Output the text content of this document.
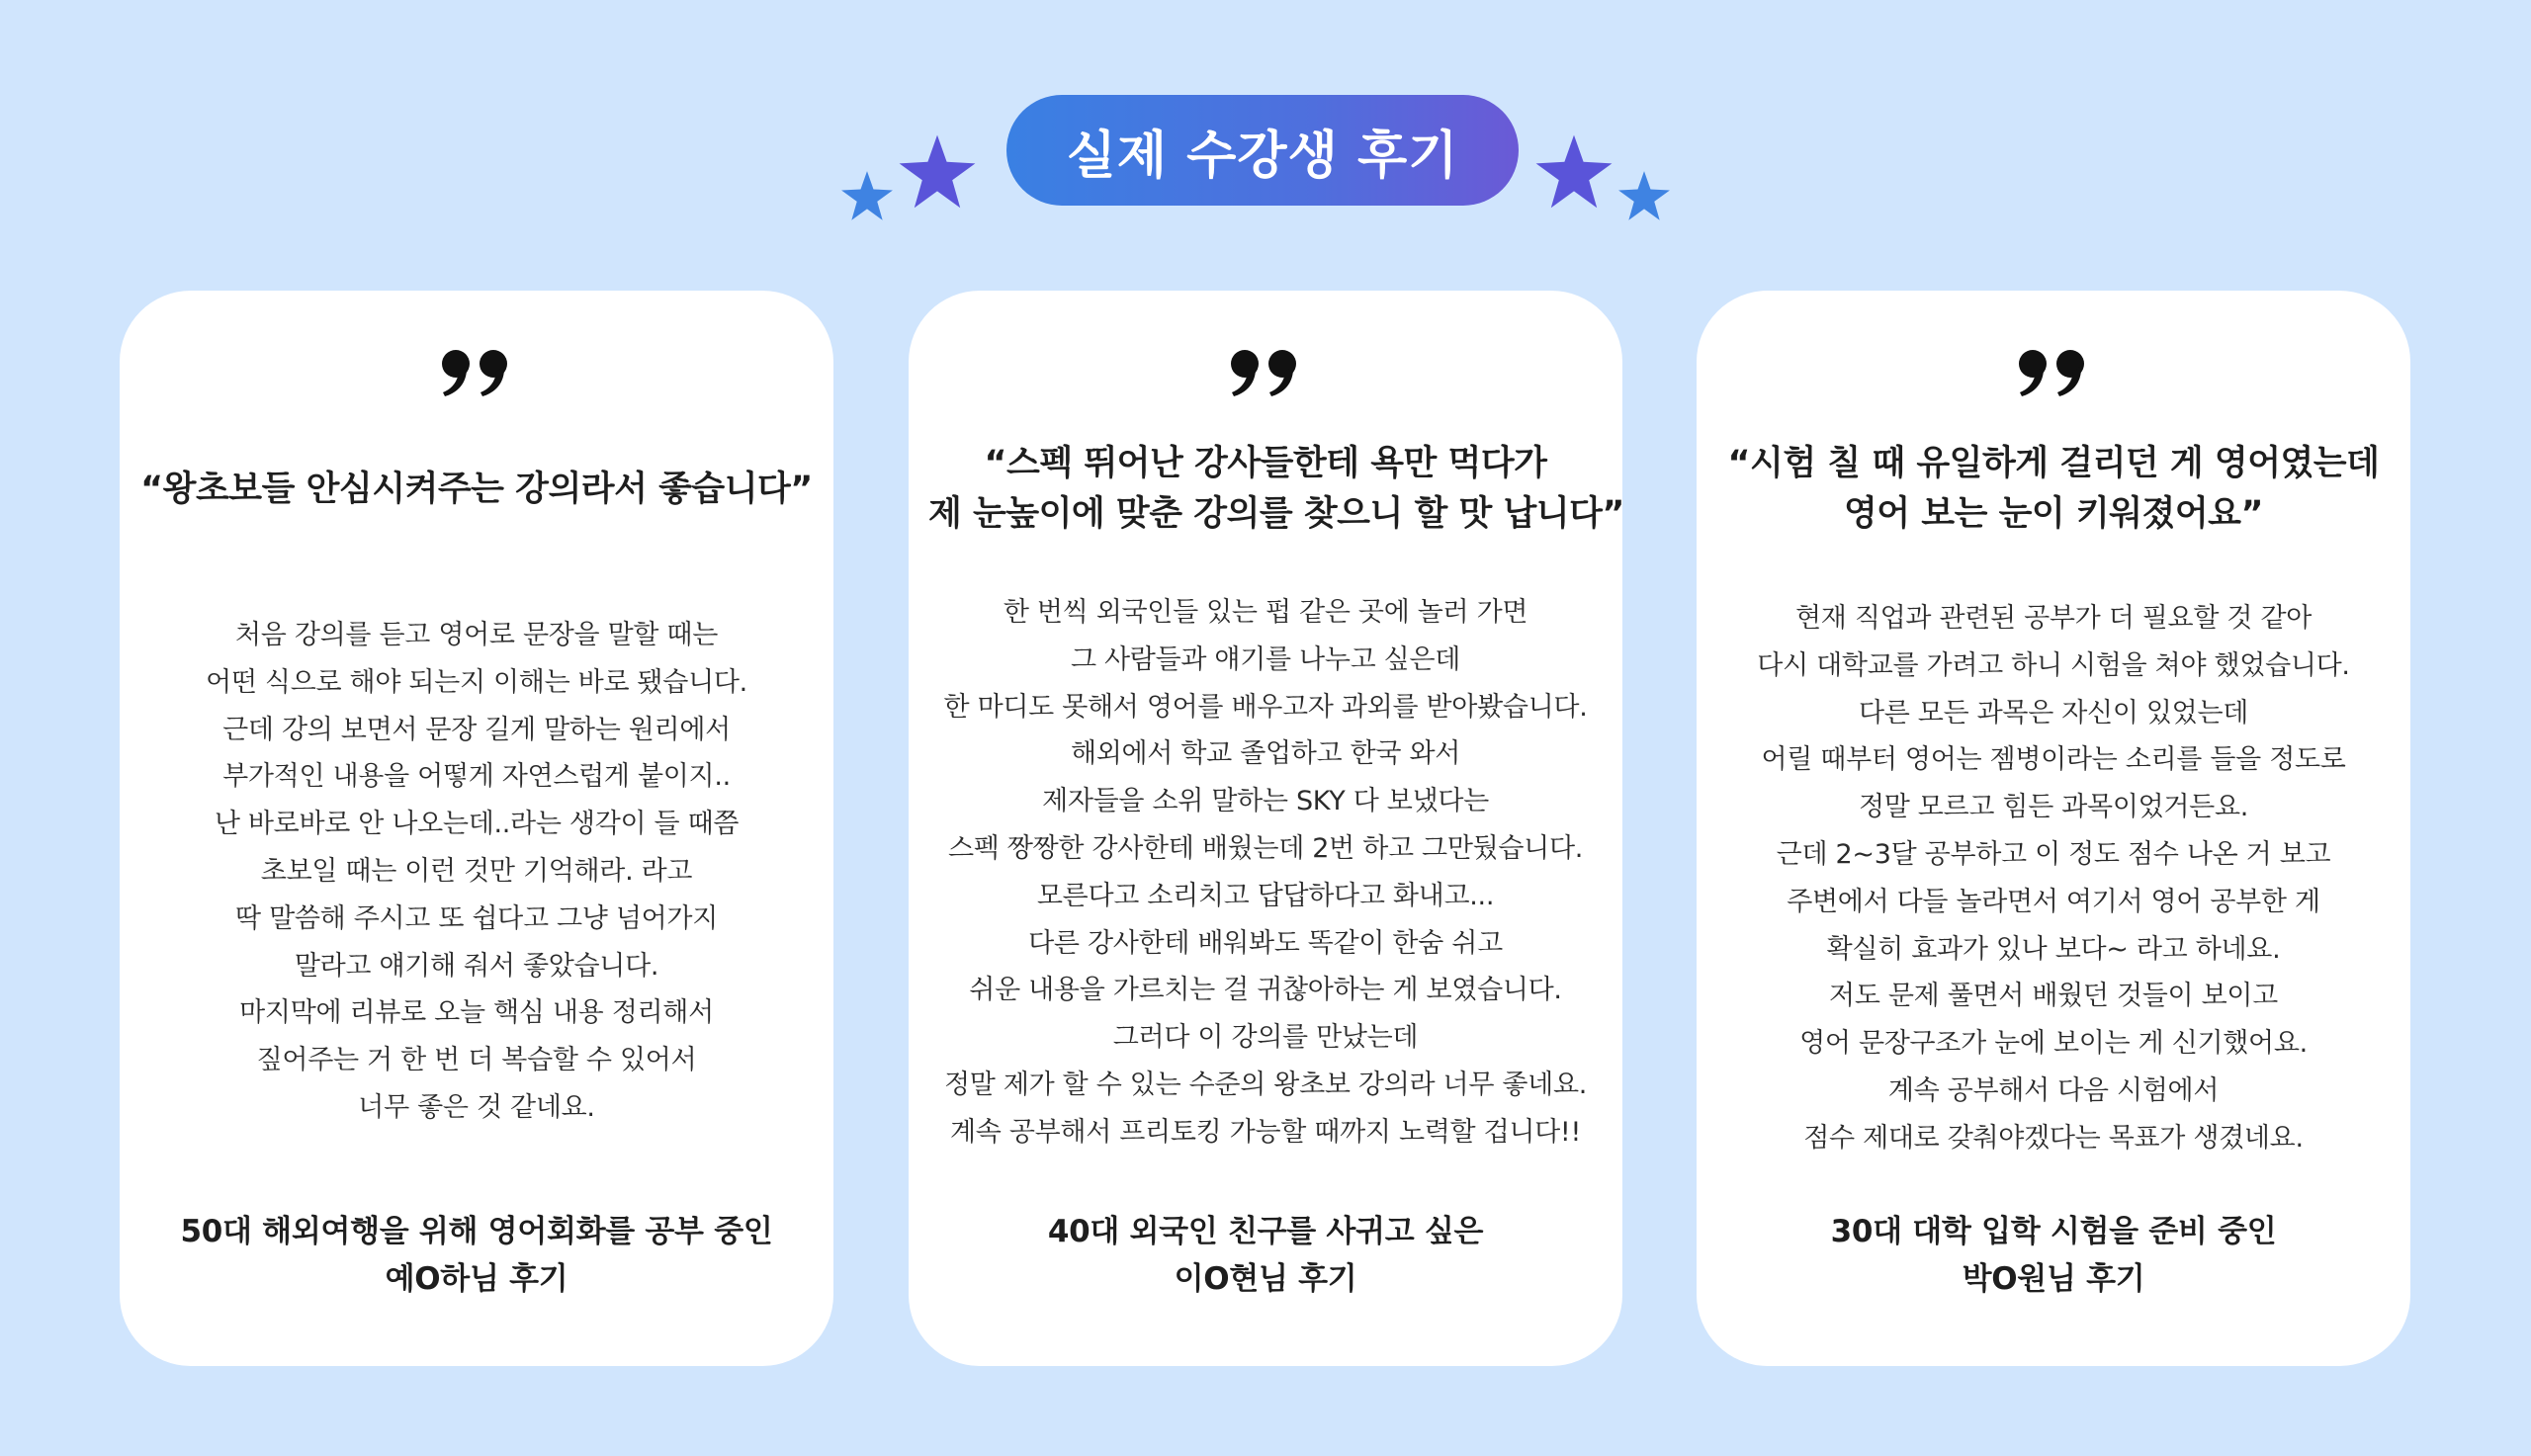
실제 수강생 후기
“왕초보들 안심시켜주는 강의라서 좋습니다”
처음 강의를 듣고 영어로 문장을 말할 때는
어떤 식으로 해야 되는지 이해는 바로 됐습니다.
근데 강의 보면서 문장 길게 말하는 원리에서
부가적인 내용을 어떻게 자연스럽게 붙이지..
난 바로바로 안 나오는데..라는 생각이 들 때쯤
초보일 때는 이런 것만 기억해라. 라고
딱 말씀해 주시고 또 쉽다고 그냥 넘어가지
말라고 얘기해 줘서 좋았습니다.
마지막에 리뷰로 오늘 핵심 내용 정리해서
짚어주는 거 한 번 더 복습할 수 있어서
너무 좋은 것 같네요.
50대 해외여행을 위해 영어회화를 공부 중인
예O하님 후기
“스펙 뛰어난 강사들한테 욕만 먹다가
제 눈높이에 맞춘 강의를 찾으니 할 맛 납니다”
한 번씩 외국인들 있는 펍 같은 곳에 놀러 가면
그 사람들과 얘기를 나누고 싶은데
한 마디도 못해서 영어를 배우고자 과외를 받아봤습니다.
해외에서 학교 졸업하고 한국 와서
제자들을 소위 말하는 SKY 다 보냈다는
스펙 짱짱한 강사한테 배웠는데 2번 하고 그만뒀습니다.
모른다고 소리치고 답답하다고 화내고...
다른 강사한테 배워봐도 똑같이 한숨 쉬고
쉬운 내용을 가르치는 걸 귀찮아하는 게 보였습니다.
그러다 이 강의를 만났는데
정말 제가 할 수 있는 수준의 왕초보 강의라 너무 좋네요.
계속 공부해서 프리토킹 가능할 때까지 노력할 겁니다!!
40대 외국인 친구를 사귀고 싶은
이O현님 후기
“시험 칠 때 유일하게 걸리던 게 영어였는데
영어 보는 눈이 키워졌어요”
현재 직업과 관련된 공부가 더 필요할 것 같아
다시 대학교를 가려고 하니 시험을 쳐야 했었습니다.
다른 모든 과목은 자신이 있었는데
어릴 때부터 영어는 젬병이라는 소리를 들을 정도로
정말 모르고 힘든 과목이었거든요.
근데 2~3달 공부하고 이 정도 점수 나온 거 보고
주변에서 다들 놀라면서 여기서 영어 공부한 게
확실히 효과가 있나 보다~ 라고 하네요.
저도 문제 풀면서 배웠던 것들이 보이고
영어 문장구조가 눈에 보이는 게 신기했어요.
계속 공부해서 다음 시험에서
점수 제대로 갖춰야겠다는 목표가 생겼네요.
30대 대학 입학 시험을 준비 중인
박O원님 후기
